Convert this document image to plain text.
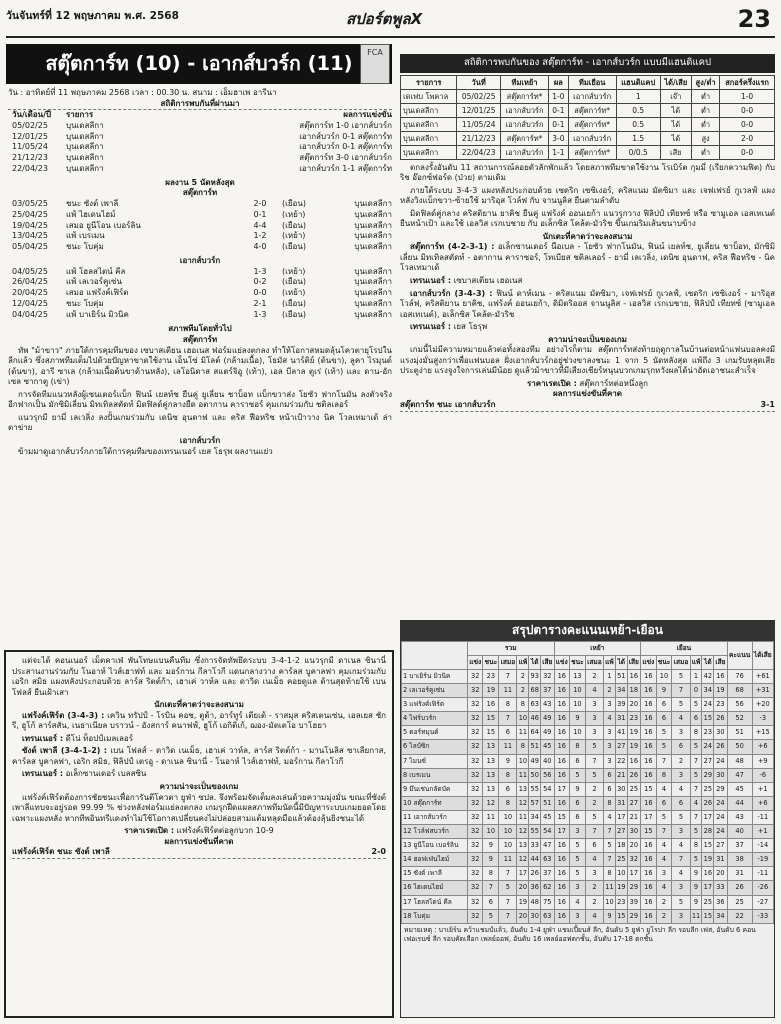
วันจันทร์ที่ 12 พฤษภาคม พ.ศ. 2568	สปอร์ตพูลX	23
สตุ๊ตการ์ท (10) - เอากส์บวร์ก (11)	FCA
วัน : อาทิตย์ที่ 11 พฤษภาคม 2568 เวลา : 00.30 น. สนาม : เอ็มฮาเพ อารีนา
สถิติการพบกันที่ผ่านมา
วัน/เดือน/ปี	รายการ	ผลการแข่งขัน
05/02/25	บุนเดสลีกา	สตุ๊ตการ์ท 1-0 เอากส์บวร์ก
12/01/25	บุนเดสลีกา	เอากส์บวร์ก 0-1 สตุ๊ตการ์ท
11/05/24	บุนเดสลีกา	เอากส์บวร์ก 0-1 สตุ๊ตการ์ท
21/12/23	บุนเดสลีกา	สตุ๊ตการ์ท 3-0 เอากส์บวร์ก
22/04/23	บุนเดสลีกา	เอากส์บวร์ก 1-1 สตุ๊ตการ์ท
ผลงาน 5 นัดหลังสุด
สตุ๊ตการ์ท
03/05/25	ชนะ ซังต์ เพาลี	2-0	(เยือน)	บุนเดสลีกา
25/04/25	แพ้ ไฮเดนไฮม์	0-1	(เหย้า)	บุนเดสลีกา
19/04/25	เสมอ ยูนีโอน เบอร์ลิน	4-4	(เยือน)	บุนเดสลีกา
13/04/25	แพ้ เบรเมน	1-2	(เหย้า)	บุนเดสลีกา
05/04/25	ชนะ โบคุ่ม	4-0	(เยือน)	บุนเดสลีกา
เอากส์บวร์ก
04/05/25	แพ้ โฮลสไตน์ คีล	1-3	(เหย้า)	บุนเดสลีกา
26/04/25	แพ้ เลเวอร์คูเซ่น	0-2	(เยือน)	บุนเดสลีกา
20/04/25	เสมอ แฟร้งค์เฟิร์ต	0-0	(เหย้า)	บุนเดสลีกา
12/04/25	ชนะ โบคุ่ม	2-1	(เยือน)	บุนเดสลีกา
04/04/25	แพ้ บาเยิร์น มิวนิค	1-3	(เยือน)	บุนเดสลีกา
สภาพทีมโดยทั่วไป
สตุ๊ตการ์ท

ทัพ "ม้าขาว" ภายใต้การคุมทีมของ เซบาสเตียน เฮอเนส ฟอร์มแย่ลงตกลง ทำให้โอกาสหมดลุ้นโควตายุโรปในลีกแล้ว ซึ่งสภาพทีมเต็มไปด้วยปัญหาขาดใช้งาน เอ็นโซ่ มิโลต์ (กล้ามเนื้อ), โธมัส นาร์ติย์ (ต้นขา), ลูคา ไรมุนด์ (ต้นขา), อารี ซาเล (กล้ามเนื้อต้นขาด้านหลัง), เลโอนิดาส สแตร์จิอู (เท้า), เอล บีลาล ตูเร่ (เท้า) และ ดาน-อักเซล ซากาตู (เข่า)

การจัดทีมแนวหลังผู้เซนเตอร์แบ็ก ฟินน์ เยลท์ช ยืนคู่ ยูเลี่ยน ชาบ็อท แบ็กขวาส่ง โยซัว ฟากโนมัน ลงตัวจริง อีกฟากเป็น มักซิมิเลี่ยน มิทเทิลสตัดท์ มิดฟิลด์คู่กลางยืด อตากาน คาราซอร์ คุมเกมร่วมกับ ชติลเลอร์

แนวรุกมี ยามี่ เลเวลิ่ง ลงปั้นเกมร่วมกับ เดนิซ อุนดาฟ และ คริส ฟือหริช หน้าเป้าวาง นิค โวลเทมาเด้ ล่าตาข่าย

เอากส์บวร์ก

ข้ามมาดูเอากส์บวร์กภายใต้การคุมทีมของเทรนเนอร์ เยส โธรุพ ผลงานแย่ว

แต่จะได้ คอนเนอร์ เม็ตคาเฟ่ พันโทษแบนคืนทีม ซึ่งการจัดทัพยึดระบบ 3-4-1-2 แนวรุกมี ดาเนล ซินานี่ ประสานงานร่วมกับ โนอาห์ ไวส์เฮาฟท์ และ มอร์กาน กีลาโวกี แดนกลางวาง คาร์ลส บูคาลฟา คุมเกมร่วมกับ เอริก สมิธ แผงหลังประกอบด้วย ลาร์ส ริตต์ก้า, เฮาเค่ วาห์ล และ ดาวิด เนเม็ธ คอยดูแล ด้านสุดท้ายใช้ เบน โฟลส์ ยืนเฝ้าเสา

นักเตะที่คาดว่าจะลงสนาม

แฟร้งค์เฟิร์ต (3-4-3) : เควิน ทรัปป์ - โรบิน คอช, ตูต้า, อาร์ทูร์ เตียเต้ - ราสมุส คริสเตนเซ่น, เอลเยส ชักรี, ฮูโก้ ลาร์สสัน, เนธาเนียล บราวน์ - อังสการ์ คนาฟฟ์, ฮูโก้ เอกิติเก้, ฌอง-มัตเตโอ บาโฮยา

เทรนเนอร์ : ดีโน่ ท็อปป์เมลเลอร์

ซังต์ เพาลี (3-4-1-2) : เบน โฟลส์ - ดาวิด เนเม็ธ, เฮาเค่ วาห์ล, ลาร์ส ริตต์ก้า - มานโนลิส ซาเลียกาส, คาร์ลส บูคาลฟา, เอริก สมิธ, ฟิลิปป์ เตรอู - ดาเนล ซินานี่ - โนอาห์ ไวส์เฮาฟท์, มอร์กาน กีลาโวกี

เทรนเนอร์ : อเล็กซานเดอร์ เบลสซิน

ความน่าจะเป็นของเกม

แฟร้งค์เฟิร์ตต้องการชัยชนะเพื่อการันตีโควตา ยูฟ่า ซปล. จึงพร้อมจัดเต็มลงเล่นด้วยความมุ่งมั่น ขณะที่ซังต์ เพาลีแทบจะอยู่รอด 99.99 % ช่วงหลังฟอร์มแย่ลงตกลง เกมรุกฝืดแผลสภาพทีมนัดนี้มีปัญหาระบบเกมยอดโดยเฉพาะแผงหลัง หากทีพอินทรีแดงทำไม่ใช้โอกาสเปลี่ยนคงไม่ปล่อยสามแต้มหลุดมือแล้วต้องลุ้นยิงชนะได้

ราคาเรตเปิด : แฟร้งค์เฟิร์ตต่อลูกบวก 10-9
ผลการแข่งขันที่คาด
แฟร้งค์เฟิร์ต ชนะ ซังต์ เพาลี	2-0
สถิติการพบกันของ สตุ๊ตการ์ท - เอากส์บวร์ก แบบมีแฮนดิแคป
รายการ	วันที่	ทีมเหย้า	ผล	ทีมเยือน	แฮนดิแคป	ได้/เสีย	สูง/ต่ำ	สกอร์ครึ่งแรก
เดเฟบ โพคาล	05/02/25	สตุ๊ตการ์ท*	1-0	เอากส์บวร์ก	1	เจ๊า	ต่ำ	1-0
บุนเดสลีกา	12/01/25	เอากส์บวร์ก	0-1	สตุ๊ตการ์ท*	0.5	ได้	ต่ำ	0-0
บุนเดสลีกา	11/05/24	เอากส์บวร์ก	0-1	สตุ๊ตการ์ท*	0.5	ได้	ต่ำ	0-0
บุนเดสลีกา	21/12/23	สตุ๊ตการ์ท*	3-0	เอากส์บวร์ก	1.5	ได้	สูง	2-0
บุนเดสลีกา	22/04/23	เอากส์บวร์ก	1-1	สตุ๊ตการ์ท*	0/0.5	เสีย	ต่ำ	0-0

ตกลงรั้งอันดับ 11 สถานการณ์ลอยตัวลักพักแล้ว โดยสภาพทีมขาดใช้งาน โรเบิร์ต กุมมี่ (เรียกความฟิต) กับ ริช อ๊อกซ์ฟอร์ด (ป่วย) ตามเดิม

ภายใต้ระบบ 3-4-3 แผงหลังประกอบด้วย เซดริก เซซิเงอร์, คริสแนม มัตซิมา และ เจฟเฟรย์ กูเวลฟ์ แผงหลังวิงแบ็กขวา-ซ้ายใช้ มาริอุส โวล์ฟ กับ จานนูลิส ยืนตามลำดับ

มิดฟิลด์คู่กลาง คริสติยาน ยาคิช ยืนคู่ แฟร้งค์ ออนเยก้า แนวรุกวาง ฟิลิปป์ เทียทซ์ หรือ ซามูเอล เอสเทเนต์ ยืนหน้าเป้า และใช้ เอลวิส เรกเบชาย กับ อเล็กซิส โคล้ต-มัวริช ขึ้นเกมริมเส้นขนาบข้าง

นักเตะที่คาดว่าจะลงสนาม

สตุ๊ตการ์ท (4-2-3-1) : อเล็กซานเดอร์ นือเบล - โยซัว ฟากโนมัน, ฟินน์ เยลท์ช, ยูเลี่ยน ชาบ็อท, มักซิมิเลี่ยน มิทเทิลสตัดท์ - อตากาน คาราซอร์, โทเบียส ชติลเลอร์ - ยามี่ เลเวลิ่ง, เดนิซ อุนดาฟ, คริส ฟือหริช - นิค โวลเทมาเด้

เทรนเนอร์ : เซบาสเตียน เฮอเนส

เอากส์บวร์ก (3-4-3) : ฟินน์ ดาห์เมน - คริสแนม มัตซิมา, เจฟเฟรย์ กูเวลฟ์, เซดริก เซซิเงอร์ - มาริอุส โวล์ฟ, คริสติยาน ยาคิช, แฟร้งค์ ออนเยก้า, ดิมิตริออส จานนูลิส - เอลวิส เรกเบชาย, ฟิลิปป์ เทียทซ์ (ซามูเอล เอสเทเนต์), อเล็กซิส โคล้ต-มัวริช

เทรนเนอร์ : เยส โธรุพ

ความน่าจะเป็นของเกม

เกมนี้ไม่มีความหมายแล้วต่อทั้งสองทีม อย่างไรก็ตาม สตุ๊ตการ์ทส่งท้ายฤดูกาลในบ้านต่อหน้าแฟนบอลคงมีแรงมุ่งมั่นสูงกว่าเพื่อแฟนบอล ฝั่งเอากส์บวร์กอยู่ช่วงขาลงชนะ 1 จาก 5 นัดหลังสุด แพ้ถึง 3 เกมรับหลุดเสียประตูง่าย แรงจูงใจการเล่นมีน้อย ดูแล้วม้าขาวที่มีเสียงเชียร์หนุนบวกเกมรุกหวังผลได้น่าอัดเอาชนะสำเร็จ

ราคาเรตเปิด : สตุ๊ตการ์ทต่อหนึ่งลูก
ผลการแข่งขันที่คาด
สตุ๊ตการ์ท ชนะ เอากส์บวร์ก	3-1
สรุปตารางคะแนนเหย้า-เยือน
	รวม						เหย้า						เยือน						คะแนน	ได้เสีย
	แข่ง	ชนะ	เสมอ	แพ้	ได้	เสีย	แข่ง	ชนะ	เสมอ	แพ้	ได้	เสีย	แข่ง	ชนะ	เสมอ	แพ้	ได้	เสีย		
1 บาเยิร์น มิวนิค	32	23	7	2	93	32	16	13	2	1	51	16	16	10	5	1	42	16	76	+61
2 เลเวอร์คูเซ่น	32	19	11	2	68	37	16	10	4	2	34	18	16	9	7	0	34	19	68	+31
3 แฟร้งค์เฟิร์ต	32	16	8	8	63	43	16	10	3	3	39	20	16	6	5	5	24	23	56	+20
4 ไฟร์บวร์ก	32	15	7	10	46	49	16	9	3	4	31	23	16	6	4	6	15	26	52	-3
5 ดอร์ทมุนด์	32	15	6	11	64	49	16	10	3	3	41	19	16	5	3	8	23	30	51	+15
6 ไลป์ซิก	32	13	11	8	51	45	16	8	5	3	27	19	16	5	6	5	24	26	50	+6
7 ไมนซ์	32	13	9	10	49	40	16	6	7	3	22	16	16	7	2	7	27	24	48	+9
8 เบรเมน	32	13	8	11	50	56	16	5	5	6	21	26	16	8	3	5	29	30	47	-6
9 มึนเช่นกลัดบัค	32	13	6	13	55	54	17	9	2	6	30	25	15	4	4	7	25	29	45	+1
10 สตุ๊ตการ์ท	32	12	8	12	57	51	16	6	2	8	31	27	16	6	6	4	26	24	44	+6
11 เอากส์บวร์ก	32	11	10	11	34	45	15	6	5	4	17	21	17	5	5	7	17	24	43	-11
12 โวล์ฟสบวร์ก	32	10	10	12	55	54	17	3	7	7	27	30	15	7	3	5	28	24	40	+1
13 ยูนีโอน เบอร์ลิน	32	9	10	13	33	47	16	5	6	5	18	20	16	4	4	8	15	27	37	-14
14 ฮอฟเฟ่นไฮม์	32	9	11	12	44	63	16	5	4	7	25	32	16	4	7	5	19	31	38	-19
15 ซังต์ เพาลี	32	8	7	17	26	37	16	5	3	8	10	17	16	3	4	9	16	20	31	-11
16 ไฮเดนไฮม์	32	7	5	20	36	62	16	3	2	11	19	29	16	4	3	9	17	33	26	-26
17 โฮลสไตน์ คีล	32	6	7	19	48	75	16	4	2	10	23	39	16	2	5	9	25	36	25	-27
18 โบคุ่ม	32	5	7	20	30	63	16	3	4	9	15	29	16	2	3	11	15	34	22	-33
หมายเหตุ : บาเยิร์น คว้าแชมป์แล้ว, อันดับ 1-4 ยูฟ่า แชมเปี้ยนส์ ลีก, อันดับ 5 ยูฟ่า ยูโรปา ลีก รอบลีก เฟส, อันดับ 6 คอนเฟอเรนซ์ ลีก รอบคัดเลือก เพลย์ออฟ, อันดับ 16 เพลย์ออฟตกชั้น, อันดับ 17-18 ตกชั้น
